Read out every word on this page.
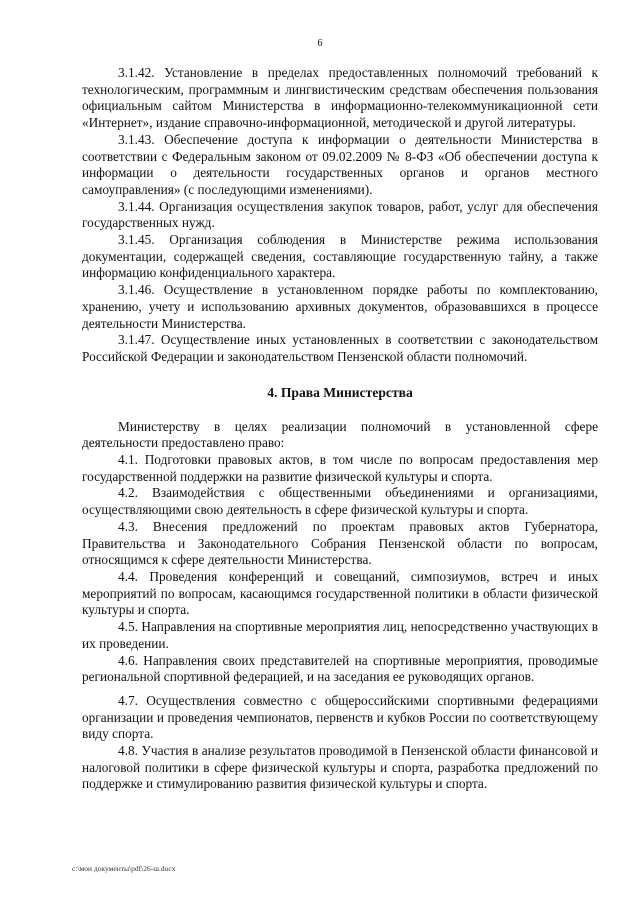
6

3.1.42. Установление в пределах предоставленных полномочий требований к технологическим, программным и лингвистическим средствам обеспечения пользования официальным сайтом Министерства в информационно-телекоммуникационной сети «Интернет», издание справочно-информационной, методической и другой литературы.

3.1.43. Обеспечение доступа к информации о деятельности Министерства в соответствии с Федеральным законом от 09.02.2009 № 8-ФЗ «Об обеспечении доступа к информации о деятельности государственных органов и органов местного самоуправления» (с последующими изменениями).

3.1.44. Организация осуществления закупок товаров, работ, услуг для обеспечения государственных нужд.

3.1.45. Организация соблюдения в Министерстве режима использования документации, содержащей сведения, составляющие государственную тайну, а также информацию конфиденциального характера.

3.1.46. Осуществление в установленном порядке работы по комплектованию, хранению, учету и использованию архивных документов, образовавшихся в процессе деятельности Министерства.

3.1.47. Осуществление иных установленных в соответствии с законодательством Российской Федерации и законодательством Пензенской области полномочий.

4. Права Министерства

Министерству в целях реализации полномочий в установленной сфере деятельности предоставлено право:

4.1. Подготовки правовых актов, в том числе по вопросам предоставления мер государственной поддержки на развитие физической культуры и спорта.

4.2. Взаимодействия с общественными объединениями и организациями, осуществляющими свою деятельность в сфере физической культуры и спорта.

4.3. Внесения предложений по проектам правовых актов Губернатора, Правительства и Законодательного Собрания Пензенской области по вопросам, относящимся к сфере деятельности Министерства.

4.4. Проведения конференций и совещаний, симпозиумов, встреч и иных мероприятий по вопросам, касающимся государственной политики в области физической культуры и спорта.

4.5. Направления на спортивные мероприятия лиц, непосредственно участвующих в их проведении.

4.6. Направления своих представителей на спортивные мероприятия, проводимые региональной спортивной федерацией, и на заседания ее руководящих органов.

4.7. Осуществления совместно с общероссийскими спортивными федерациями организации и проведения чемпионатов, первенств и кубков России по соответствующему виду спорта.

4.8. Участия в анализе результатов проводимой в Пензенской области финансовой и налоговой политики в сфере физической культуры и спорта, разработка предложений по поддержке и стимулированию развития физической культуры и спорта.

c:\мои документы\pdf\26-ш.docx
